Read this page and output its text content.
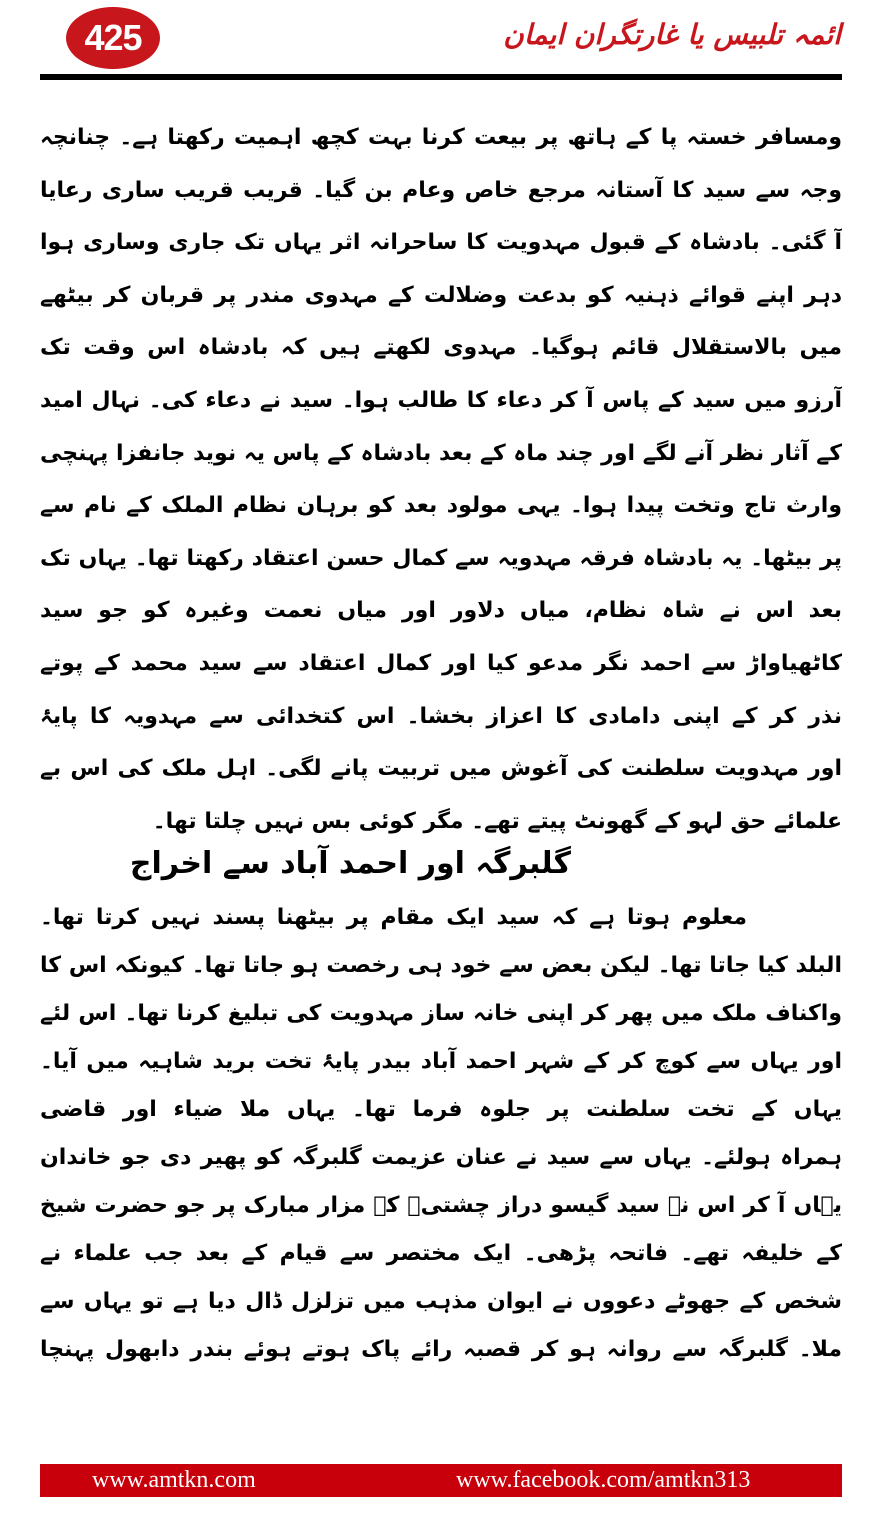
425	ائمہ تلبیس یا غارتگران ایمان
ومسافر خستہ پا کے ہاتھ پر بیعت کرنا بہت کچھ اہمیت رکھتا ہے۔ چنانچہ
وجہ سے سید کا آستانہ مرجع خاص وعام بن گیا۔ قریب قریب ساری رعایا
آ گئی۔ بادشاہ کے قبول مہدویت کا ساحرانہ اثر یہاں تک جاری وساری ہوا
دہر اپنے قوائے ذہنیہ کو بدعت وضلالت کے مہدوی مندر پر قربان کر بیٹھے
میں بالاستقلال قائم ہوگیا۔ مہدوی لکھتے ہیں کہ بادشاہ اس وقت تک
آرزو میں سید کے پاس آ کر دعاء کا طالب ہوا۔ سید نے دعاء کی۔ نہال امید
کے آثار نظر آنے لگے اور چند ماہ کے بعد بادشاہ کے پاس یہ نوید جانفزا پہنچی
وارث تاج وتخت پیدا ہوا۔ یہی مولود بعد کو برہان نظام الملک کے نام سے
پر بیٹھا۔ یہ بادشاہ فرقہ مہدویہ سے کمال حسن اعتقاد رکھتا تھا۔ یہاں تک
بعد اس نے شاہ نظام، میاں دلاور اور میاں نعمت وغیرہ کو جو سید
کاٹھیاواڑ سے احمد نگر مدعو کیا اور کمال اعتقاد سے سید محمد کے پوتے
نذر کر کے اپنی دامادی کا اعزاز بخشا۔ اس کتخدائی سے مہدویہ کا پایۂ
اور مہدویت سلطنت کی آغوش میں تربیت پانے لگی۔ اہل ملک کی اس بے
علمائے حق لہو کے گھونٹ پیتے تھے۔ مگر کوئی بس نہیں چلتا تھا۔
گلبرگہ اور احمد آباد سے اخراج
معلوم ہوتا ہے کہ سید ایک مقام پر بیٹھنا پسند نہیں کرتا تھا۔
البلد کیا جاتا تھا۔ لیکن بعض سے خود ہی رخصت ہو جاتا تھا۔ کیونکہ اس کا
واکناف ملک میں پھر کر اپنی خانہ ساز مہدویت کی تبلیغ کرنا تھا۔ اس لئے
اور یہاں سے کوچ کر کے شہر احمد آباد بیدر پایۂ تخت برید شاہیہ میں آیا۔
یہاں کے تخت سلطنت پر جلوہ فرما تھا۔ یہاں ملا ضیاء اور قاضی
ہمراہ ہولئے۔ یہاں سے سید نے عنان عزیمت گلبرگہ کو پھیر دی جو خاندان
یہاں آ کر اس نے سید گیسو دراز چشتیؒ کے مزار مبارک پر جو حضرت شیخ
کے خلیفہ تھے۔ فاتحہ پڑھی۔ ایک مختصر سے قیام کے بعد جب علماء نے
شخص کے جھوٹے دعووں نے ایوان مذہب میں تزلزل ڈال دیا ہے تو یہاں سے
ملا۔ گلبرگہ سے روانہ ہو کر قصبہ رائے پاک ہوتے ہوئے بندر دابھول پہنچا
www.amtkn.com	www.facebook.com/amtkn313
